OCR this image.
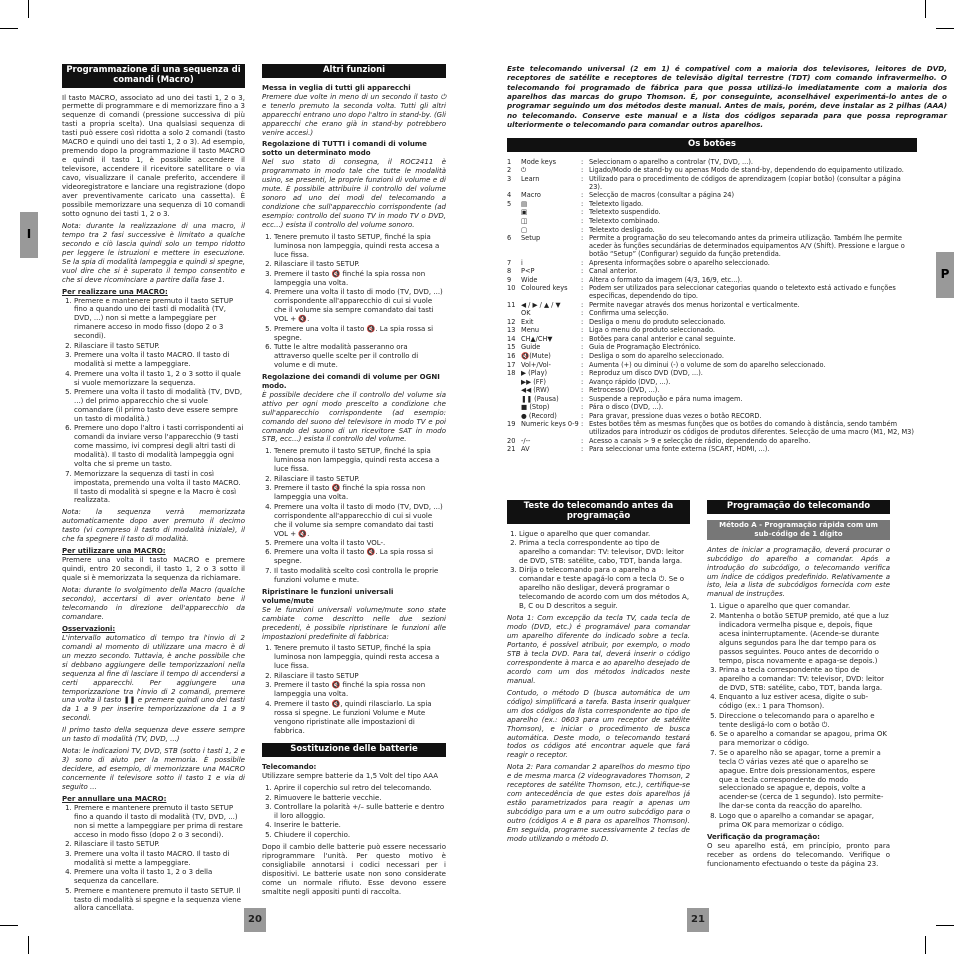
I
Programmazione di una sequenza di comandi (Macro)

Il tasto MACRO, associato ad uno dei tasti 1, 2 o 3, permette di programmare e di memorizzare fino a 3 sequenze di comandi (pressione successiva di più tasti a propria scelta). Una qualsiasi sequenza di tasti può essere così ridotta a solo 2 comandi (tasto MACRO e quindi uno dei tasti 1, 2 o 3). Ad esempio, premendo dopo la programmazione il tasto MACRO e quindi il tasto 1, è possibile accendere il televisore, accendere il ricevitore satellitare o via cavo, visualizzare il canale preferito, accendere il videoregistratore e lanciare una registrazione (dopo aver preventivamente caricato una cassetta). È possibile memorizzare una sequenza di 10 comandi sotto ognuno dei tasti 1, 2 o 3.

Nota: durante la realizzazione di una macro, il tempo tra 2 fasi successive è limitato a qualche secondo e ciò lascia quindi solo un tempo ridotto per leggere le istruzioni e mettere in esecuzione. Se la spia di modalità lampeggia e quindi si spegne, vuol dire che si è superato il tempo consentito e che si deve ricominciare a partire dalla fase 1.

Per realizzare una MACRO:
1. Premere e mantenere premuto il tasto SETUP fino a quando uno dei tasti di modalità (TV, DVD, ...) non si mette a lampeggiare per rimanere acceso in modo fisso (dopo 2 o 3 secondi).
2. Rilasciare il tasto SETUP.
3. Premere una volta il tasto MACRO. Il tasto di modalità si mette a lampeggiare.
4. Premere una volta il tasto 1, 2 o 3 sotto il quale si vuole memorizzare la sequenza.
5. Premere una volta il tasto di modalità (TV, DVD, ...) del primo apparecchio che si vuole comandare (il primo tasto deve essere sempre un tasto di modalità.)
6. Premere uno dopo l'altro i tasti corrispondenti ai comandi da inviare verso l'apparecchio (9 tasti come massimo, ivi compresi degli altri tasti di modalità). Il tasto di modalità lampeggia ogni volta che si preme un tasto.
7. Memorizzare la sequenza di tasti in così impostata, premendo una volta il tasto MACRO. Il tasto di modalità si spegne e la Macro è così realizzata.

Nota: la sequenza verrà memorizzata automaticamente dopo aver premuto il decimo tasto (vi compreso il tasto di modalità iniziale), il che fa spegnere il tasto di modalità.

Per utilizzare una MACRO:

Premere una volta il tasto MACRO e premere quindi, entro 20 secondi, il tasto 1, 2 o 3 sotto il quale si è memorizzata la sequenza da richiamare.

Nota: durante lo svolgimento della Macro (qualche secondo), accertarsi di aver orientato bene il telecomando in direzione dell'apparecchio da comandare.

Osservazioni:

L'intervallo automatico di tempo tra l'invio di 2 comandi al momento di utilizzare una macro è di un mezzo secondo. Tuttavia, è anche possibile che si debbano aggiungere delle temporizzazioni nella sequenza al fine di lasciare il tempo di accendersi a certi apparecchi. Per aggiungere una temporizzazione tra l'invio di 2 comandi, premere una volta il tasto ❚❚ e premere quindi uno dei tasti da 1 a 9 per inserire temporizzazione da 1 a 9 secondi.

Il primo tasto della sequenza deve essere sempre un tasto di modalità (TV, DVD, ...)

Nota: le indicazioni TV, DVD, STB (sotto i tasti 1, 2 e 3) sono di aiuto per la memoria. È possibile decidere, ad esempio, di memorizzare una MACRO concernente il televisore sotto il tasto 1 e via di seguito ...

Per annullare una MACRO:
1. Premere e mantenere premuto il tasto SETUP fino a quando il tasto di modalità (TV, DVD, ...) non si mette a lampeggiare per prima di restare acceso in modo fisso (dopo 2 o 3 secondi).
2. Rilasciare il tasto SETUP.
3. Premere una volta il tasto MACRO. Il tasto di modalità si mette a lampeggiare.
4. Premere una volta il tasto 1, 2 o 3 della sequenza da cancellare.
5. Premere e mantenere premuto il tasto SETUP. Il tasto di modalità si spegne e la sequenza viene allora cancellata.
Altri funzioni
Messa in veglia di tutti gli apparecchi

Premere due volte in meno di un secondo il tasto ⏻ e tenerlo premuto la seconda volta. Tutti gli altri apparecchi entrano uno dopo l'altro in stand-by. (Gli apparecchi che erano già in stand-by potrebbero venire accesi.)

Regolazione di TUTTI i comandi di volume sotto un determinato modo

Nel suo stato di consegna, il ROC2411 è programmato in modo tale che tutte le modalità usino, se presenti, le proprie funzioni di volume e di mute. È possibile attribuire il controllo del volume sonoro ad uno dei modi del telecomando a condizione che sull'apparecchio corrispondente (ad esempio: controllo del suono TV in modo TV o DVD, ecc...) esista il controllo del volume sonoro.

1. Tenere premuto il tasto SETUP, finché la spia luminosa non lampeggia, quindi resta accesa a luce fissa.
2. Rilasciare il tasto SETUP.
3. Premere il tasto 🔇 finché la spia rossa non lampeggia una volta.
4. Premere una volta il tasto di modo (TV, DVD, ...) corrispondente all'apparecchio di cui si vuole che il volume sia sempre comandato dai tasti VOL + 🔇.
5. Premere una volta il tasto 🔇. La spia rossa si spegne.
6. Tutte le altre modalità passeranno ora attraverso quelle scelte per il controllo di volume e di mute.
Regolazione dei comandi di volume per OGNI modo.

È possibile decidere che il controllo del volume sia attivo per ogni modo prescelto a condizione che sull'apparecchio corrispondente (ad esempio: comando del suono del televisore in modo TV e poi comando del suono di un ricevitore SAT in modo STB, ecc...) esista il controllo del volume.

1. Tenere premuto il tasto SETUP, finché la spia luminosa non lampeggia, quindi resta accesa a luce fissa.
2. Rilasciare il tasto SETUP.
3. Premere il tasto 🔇 finché la spia rossa non lampeggia una volta.
4. Premere una volta il tasto di modo (TV, DVD, ...) corrispondente all'apparecchio di cui si vuole che il volume sia sempre comandato dai tasti VOL + 🔇.
5. Premere una volta il tasto VOL-.
6. Premere una volta il tasto 🔇. La spia rossa si spegne.
7. Il tasto modalità scelto così controlla le proprie funzioni volume e mute.
Ripristinare le funzioni universali volume/mute

Se le funzioni universali volume/mute sono state cambiate come descritto nelle due sezioni precedenti, è possibile ripristinare le funzioni alle impostazioni predefinite di fabbrica:

1. Tenere premuto il tasto SETUP, finché la spia luminosa non lampeggia, quindi resta accesa a luce fissa.
2. Rilasciare il tasto SETUP
3. Premere il tasto 🔇 finché la spia rossa non lampeggia una volta.
4. Premere il tasto 🔇, quindi rilasciarlo. La spia rossa si spegne. Le funzioni Volume e Mute vengono ripristinate alle impostazioni di fabbrica.
Sostituzione delle batterie
Telecomando:

Utilizzare sempre batterie da 1,5 Volt del tipo AAA

1. Aprire il coperchio sul retro del telecomando.
2. Rimuovere le batterie vecchie.
3. Controllare la polarità +/– sulle batterie e dentro il loro alloggio.
4. Inserire le batterie.
5. Chiudere il coperchio.

Dopo il cambio delle batterie può essere necessario riprogrammare l'unità. Per questo motivo è consigliabile annotarsi i codici necessari per i dispositivi. Le batterie usate non sono considerate come un normale rifiuto. Esse devono essere smaltite negli appositi punti di raccolta.

20
P
Este telecomando universal (2 em 1) é compatível com a maioria dos televisores, leitores de DVD, receptores de satélite e receptores de televisão digital terrestre (TDT) com comando infravermelho. O telecomando foi programado de fábrica para que possa utilizá-lo imediatamente com a maioria dos aparelhos das marcas do grupo Thomson. É, por conseguinte, aconselhável experimentá-lo antes de o programar seguindo um dos métodos deste manual. Antes de mais, porém, deve instalar as 2 pilhas (AAA) no telecomando. Conserve este manual e a lista dos códigos separada para que possa reprogramar ulteriormente o telecomando para comandar outros aparelhos.
Os botões
1	Mode keys	:	Seleccionam o aparelho a controlar (TV, DVD, ...).
2	⏻	:	Ligado/Modo de stand-by ou apenas Modo de stand-by, dependendo do equipamento utilizado.
3	Learn	:	Utilizado para o procedimento de códigos de aprendizagem (copiar botão) (consultar a página 23).
4	Macro	:	Selecção de macros (consultar a página 24)
5	▤	:	Teletexto ligado.
	▣	:	Teletexto suspendido.
	◫	:	Teletexto combinado.
	▢	:	Teletexto desligado.
6	Setup	:	Permite a programação do seu telecomando antes da primeira utilização. Também lhe permite aceder às funções secundárias de determinados equipamentos A/V (Shift). Pressione e largue o botão “Setup” (Configurar) seguido da função pretendida.
7	i	:	Apresenta informações sobre o aparelho seleccionado.
8	P<P	:	Canal anterior.
9	Wide	:	Altera o formato da imagem (4/3, 16/9, etc...).
10	Coloured keys	:	Podem ser utilizados para seleccionar categorias quando o teletexto está activado e funções específicas, dependendo do tipo.
11	◀ / ▶ / ▲ / ▼	:	Permite navegar através dos menus horizontal e verticalmente.
	OK	:	Confirma uma selecção.
12	Exit	:	Desliga o menu do produto seleccionado.
13	Menu	:	Liga o menu do produto seleccionado.
14	CH▲/CH▼	:	Botões para canal anterior e canal seguinte.
15	Guide	:	Guia de Programação Electrónico.
16	🔇(Mute)	:	Desliga o som do aparelho seleccionado.
17	Vol+/Vol-	:	Aumenta (+) ou diminui (-) o volume de som do aparelho seleccionado.
18	▶ (Play)	:	Reproduz um disco DVD (DVD, ...).
	▶▶ (FF)	:	Avanço rápido (DVD, ...).
	◀◀ (RW)	:	Retrocesso (DVD, ...).
	❚❚ (Pausa)	:	Suspende a reprodução e pára numa imagem.
	■ (Stop)	:	Pára o disco (DVD, ...).
	● (Record)	:	Para gravar, pressione duas vezes o botão RECORD.
19	Numeric keys 0-9	:	Estes botões têm as mesmas funções que os botões do comando à distância, sendo também utilizados para introduzir os códigos de produtos diferentes. Selecção de uma macro (M1, M2, M3)
20	-/--	:	Acesso a canais > 9 e selecção de rádio, dependendo do aparelho.
21	AV	:	Para seleccionar uma fonte externa (SCART, HDMI, ...).
Teste do telecomando antes da programação
1. Ligue o aparelho que quer comandar.
2. Prima a tecla correspondente ao tipo de aparelho a comandar: TV: televisor, DVD: leitor de DVD, STB: satélite, cabo, TDT, banda larga.
3. Dirija o telecomando para o aparelho a comandar e teste apagá-lo com a tecla ⏻. Se o aparelho não desligar, deverá programar o telecomando de acordo com um dos métodos A, B, C ou D descritos a seguir.

Nota 1: Com excepção da tecla TV, cada tecla de modo (DVD, etc.) é programável para comandar um aparelho diferente do indicado sobre a tecla. Portanto, é possível atribuir, por exemplo, o modo STB à tecla DVD. Para tal, deverá inserir o código correspondente à marca e ao aparelho desejado de acordo com um dos métodos indicados neste manual.

Contudo, o método D (busca automática de um código) simplificará a tarefa. Basta inserir qualquer um dos códigos da lista correspondente ao tipo de aparelho (ex.: 0603 para um receptor de satélite Thomson), e iniciar o procedimento de busca automática. Deste modo, o telecomando testará todos os códigos até encontrar aquele que fará reagir o receptor.

Nota 2: Para comandar 2 aparelhos do mesmo tipo e de mesma marca (2 videogravadores Thomson, 2 receptores de satélite Thomson, etc.), certifique-se com antecedência de que estes dois aparelhos já estão parametrizados para reagir a apenas um subcódigo para um e a um outro subcódigo para o outro (códigos A e B para os aparelhos Thomson). Em seguida, programe sucessivamente 2 teclas de modo utilizando o método D.

Programação do telecomando
Método A - Programação rápida com um sub-código de 1 dígito

Antes de iniciar a programação, deverá procurar o subcódigo do aparelho a comandar. Após a introdução do subcódigo, o telecomando verifica um índice de códigos predefinido. Relativamente a isto, leia a lista de subcódigos fornecida com este manual de instruções.

1. Ligue o aparelho que quer comandar.
2. Mantenha o botão SETUP premido, até que a luz indicadora vermelha pisque e, depois, fique acesa ininterruptamente. (Acende-se durante alguns segundos para lhe dar tempo para os passos seguintes. Pouco antes de decorrido o tempo, pisca novamente e apaga-se depois.)
3. Prima a tecla correspondente ao tipo de aparelho a comandar: TV: televisor, DVD: leitor de DVD, STB: satélite, cabo, TDT, banda larga.
4. Enquanto a luz estiver acesa, digite o sub-código (ex.: 1 para Thomson).
5. Direccione o telecomando para o aparelho e tente desligá-lo com o botão ⏻.
6. Se o aparelho a comandar se apagou, prima OK para memorizar o código.
7. Se o aparelho não se apagar, torne a premir a tecla ⏻ várias vezes até que o aparelho se apague. Entre dois pressionamentos, espere que a tecla correspondente do modo seleccionado se apague e, depois, volte a acender-se (cerca de 1 segundo). Isto permite-lhe dar-se conta da reacção do aparelho.
8. Logo que o aparelho a comandar se apagar, prima OK para memorizar o código.
Verificação da programação:

O seu aparelho está, em princípio, pronto para receber as ordens do telecomando. Verifique o funcionamento efectuando o teste da página 23.

21
